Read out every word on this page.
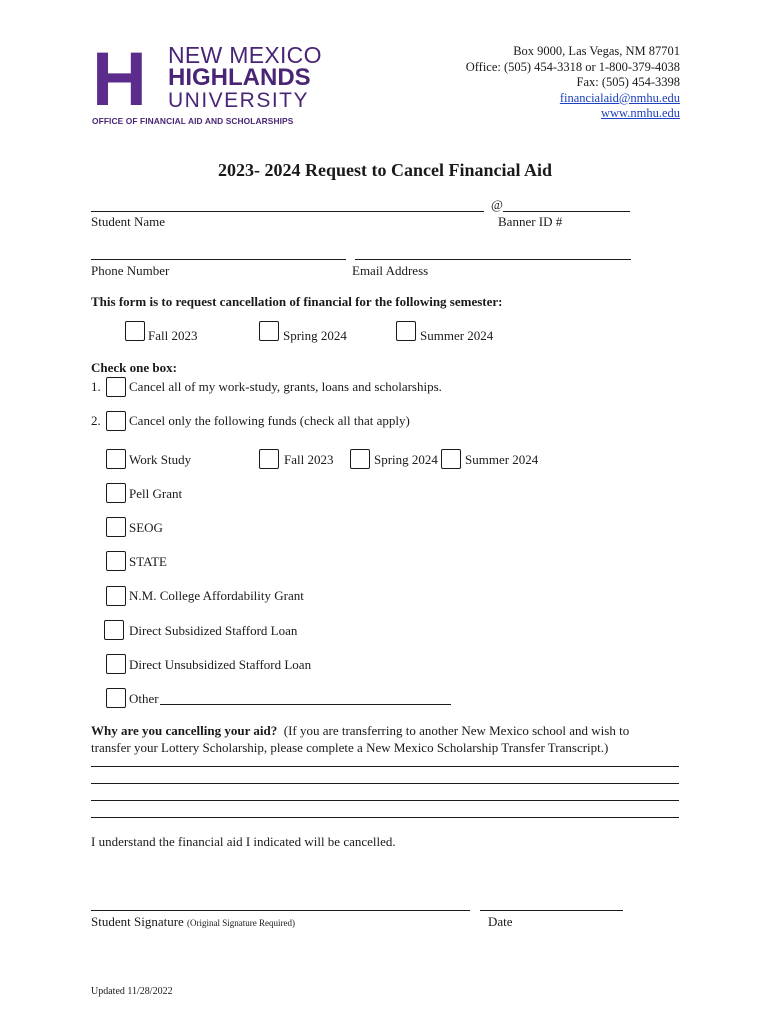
H NEW MEXICO
HIGHLANDS
UNIVERSITY
OFFICE OF FINANCIAL AID AND SCHOLARSHIPS
Box 9000, Las Vegas, NM 87701
Office: (505) 454-3318 or 1-800-379-4038
Fax: (505) 454-3398
financialaid@nmhu.edu
www.nmhu.edu
2023- 2024 Request to Cancel Financial Aid
@
Student Name	Banner ID #
Phone Number	Email Address
This form is to request cancellation of financial for the following semester:
Fall 2023	Spring 2024	Summer 2024
Check one box:
1. Cancel all of my work-study, grants, loans and scholarships.
2. Cancel only the following funds (check all that apply)
Work Study	Fall 2023	Spring 2024 Summer 2024
Pell Grant
SEOG
STATE
N.M. College Affordability Grant
Direct Subsidized Stafford Loan
Direct Unsubsidized Stafford Loan
Other
Why are you cancelling your aid? (If you are transferring to another New Mexico school and wish to
transfer your Lottery Scholarship, please complete a New Mexico Scholarship Transfer Transcript.)
I understand the financial aid I indicated will be cancelled.
Student Signature (Original Signature Required)	Date
Updated 11/28/2022
